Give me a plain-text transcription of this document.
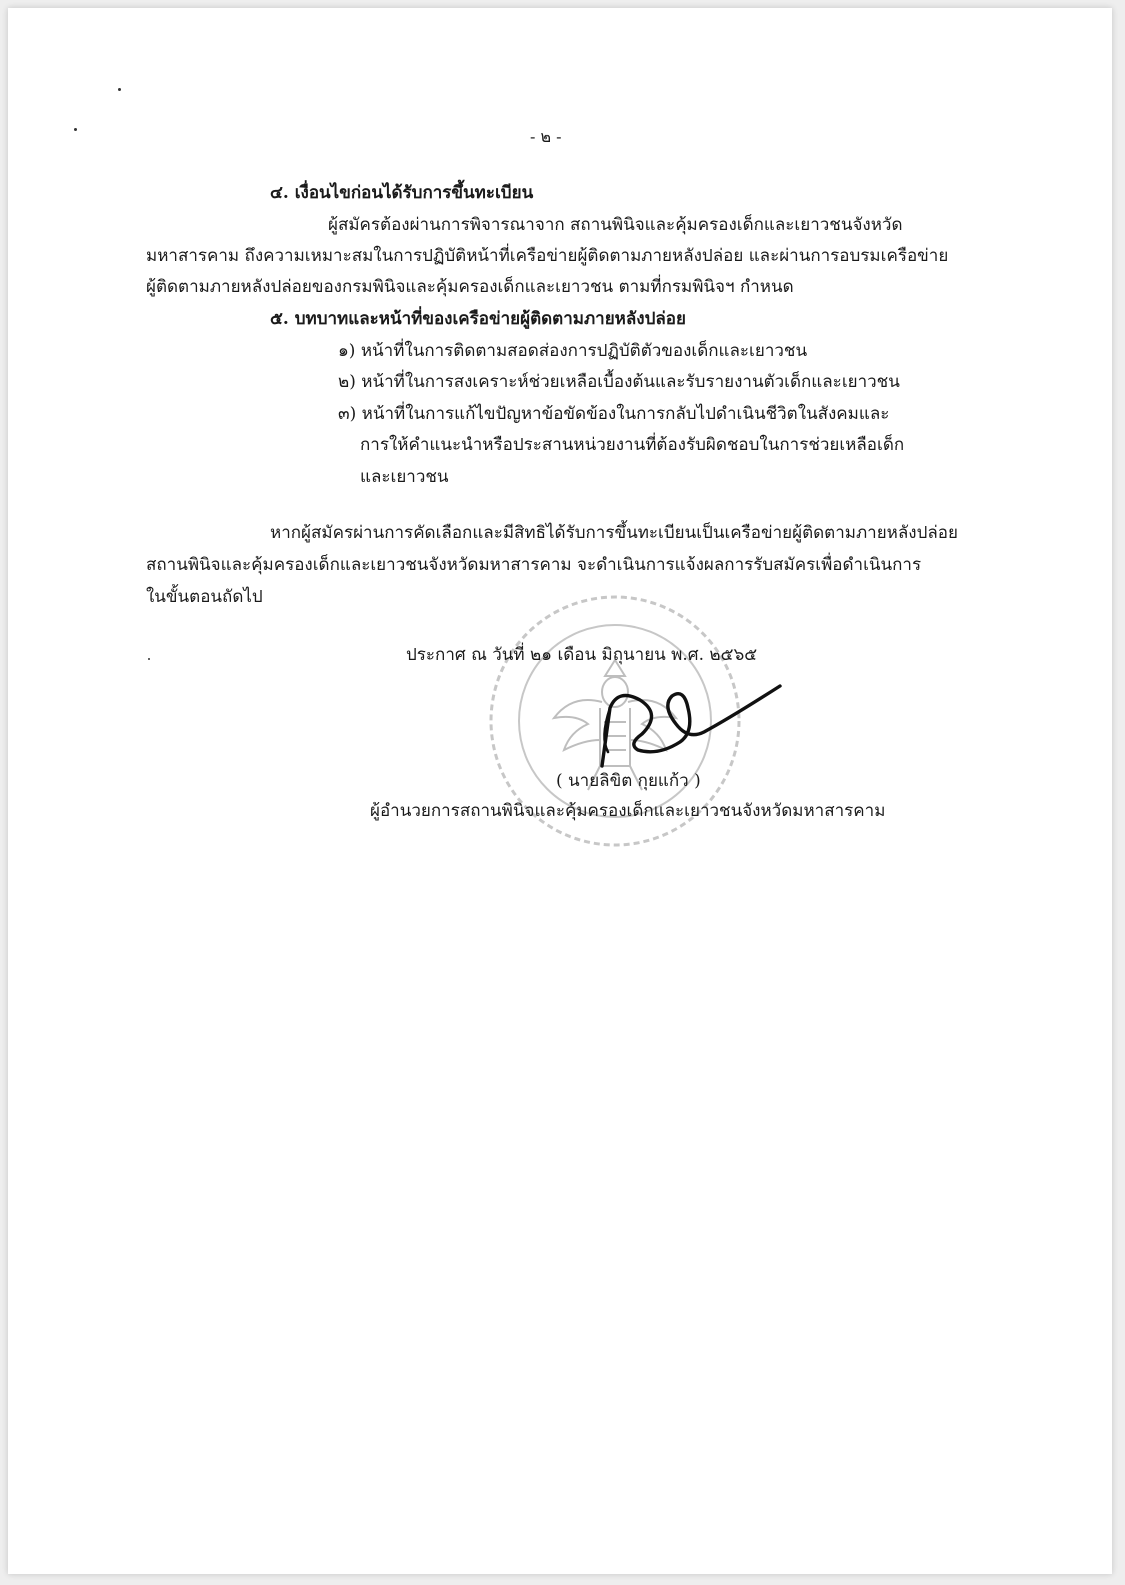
- ๒ -
๔. เงื่อนไขก่อนได้รับการขึ้นทะเบียน
ผู้สมัครต้องผ่านการพิจารณาจาก สถานพินิจและคุ้มครองเด็กและเยาวชนจังหวัด
มหาสารคาม ถึงความเหมาะสมในการปฏิบัติหน้าที่เครือข่ายผู้ติดตามภายหลังปล่อย และผ่านการอบรมเครือข่าย
ผู้ติดตามภายหลังปล่อยของกรมพินิจและคุ้มครองเด็กและเยาวชน ตามที่กรมพินิจฯ กำหนด
๕. บทบาทและหน้าที่ของเครือข่ายผู้ติดตามภายหลังปล่อย
๑) หน้าที่ในการติดตามสอดส่องการปฏิบัติตัวของเด็กและเยาวชน
๒) หน้าที่ในการสงเคราะห์ช่วยเหลือเบื้องต้นและรับรายงานตัวเด็กและเยาวชน
๓) หน้าที่ในการแก้ไขปัญหาข้อขัดข้องในการกลับไปดำเนินชีวิตในสังคมและ
การให้คำแนะนำหรือประสานหน่วยงานที่ต้องรับผิดชอบในการช่วยเหลือเด็ก
และเยาวชน
หากผู้สมัครผ่านการคัดเลือกและมีสิทธิได้รับการขึ้นทะเบียนเป็นเครือข่ายผู้ติดตามภายหลังปล่อย
สถานพินิจและคุ้มครองเด็กและเยาวชนจังหวัดมหาสารคาม จะดำเนินการแจ้งผลการรับสมัครเพื่อดำเนินการ
ในขั้นตอนถัดไป
ประกาศ ณ วันที่ ๒๑ เดือน มิถุนายน พ.ศ. ๒๕๖๕
( นายลิขิต กุยแก้ว )
ผู้อำนวยการสถานพินิจและคุ้มครองเด็กและเยาวชนจังหวัดมหาสารคาม
